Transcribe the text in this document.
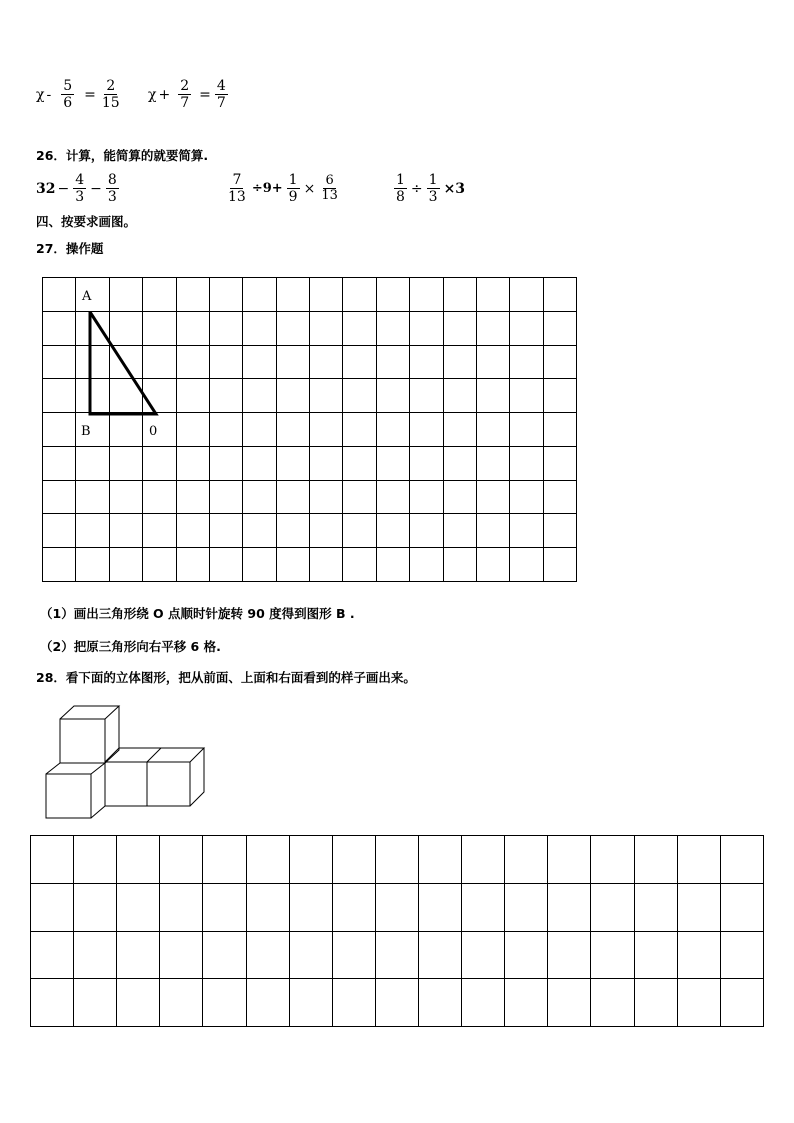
$\chi - \frac{5}{6} = \frac{2}{15}$ $\chi + \frac{2}{7} = \frac{4}{7}$
26．计算，能简算的就要简算.
$32 - \frac{4}{3} - \frac{8}{3}$	$\frac{7}{13} \div 9+ \frac{1}{9} \times \frac{6}{13}$	$\frac{1}{8} \div \frac{1}{3} \times 3$
四、按要求画图。
27．操作题

A
B	0
（1）画出三角形绕 O 点顺时针旋转 90 度得到图形 B .
（2）把原三角形向右平移 6 格.
28．看下面的立体图形，把从前面、上面和右面看到的样子画出来。
